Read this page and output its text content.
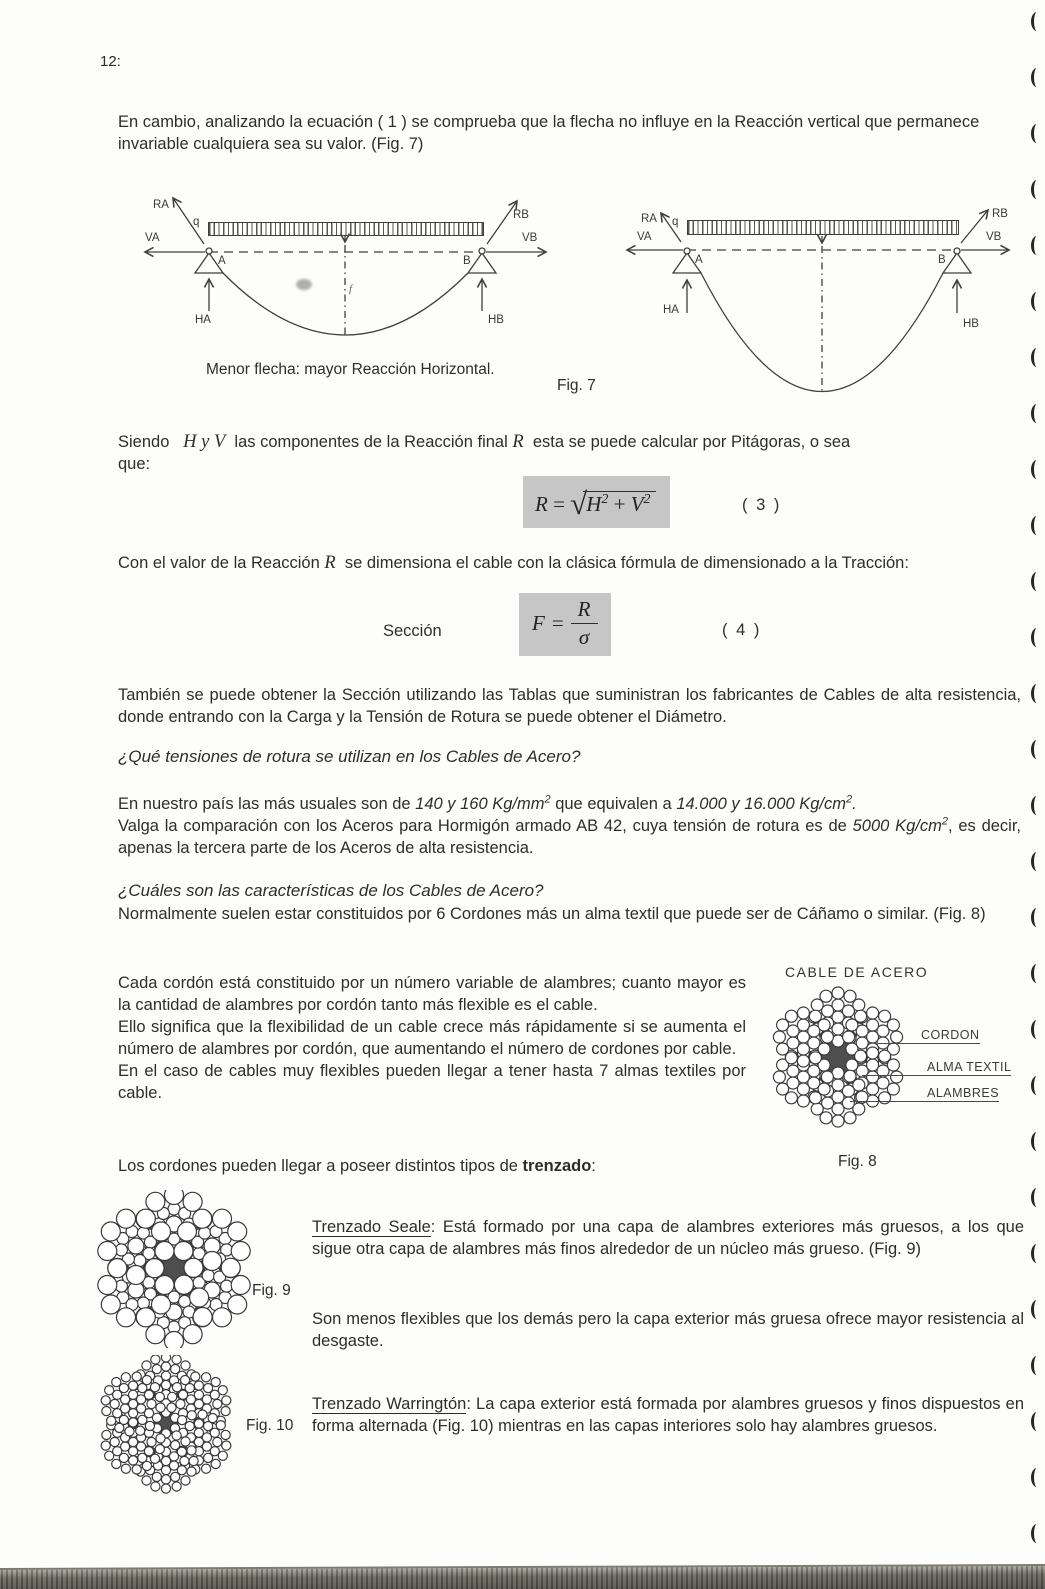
12:
En cambio, analizando la ecuación ( 1 ) se comprueba que la flecha no influye en la Reacción vertical que permanece invariable cualquiera sea su valor. (Fig. 7)
RA
q
VA
A	B
VB
RB
HA	HB
f
RA q
VA
A	B
VB
RB
HA
HB
Menor flecha: mayor Reacción Horizontal.
Fig. 7
Siendo H y V las componentes de la Reacción final R esta se puede calcular por Pitágoras, o sea
que:
$R = √H^2 + V^2$	( 3 )
Con el valor de la Reacción R se dimensiona el cable con la clásica fórmula de dimensionado a la Tracción:
Sección	$F = \frac{R}{\sigma}$	( 4 )
También se puede obtener la Sección utilizando las Tablas que suministran los fabricantes de Cables de alta resistencia, donde entrando con la Carga y la Tensión de Rotura se puede obtener el Diámetro.
¿Qué tensiones de rotura se utilizan en los Cables de Acero?
En nuestro país las más usuales son de 140 y 160 $Kg/mm^2$ que equivalen a 14.000 y 16.000 $Kg/cm^2$.
Valga la comparación con los Aceros para Hormigón armado AB 42, cuya tensión de rotura es de 5000 $Kg/cm^2$, es decir, apenas la tercera parte de los Aceros de alta resistencia.
¿Cuáles son las características de los Cables de Acero?
Normalmente suelen estar constituidos por 6 Cordones más un alma textil que puede ser de Cáñamo o similar. (Fig. 8)
Cada cordón está constituido por un número variable de alambres; cuanto mayor es la cantidad de alambres por cordón tanto más flexible es el cable.
Ello significa que la flexibilidad de un cable crece más rápidamente si se aumenta el número de alambres por cordón, que aumentando el número de cordones por cable.
En el caso de cables muy flexibles pueden llegar a tener hasta 7 almas textiles por cable.
CABLE DE ACERO
CORDON
ALMA TEXTIL
ALAMBRES
Fig. 8
Los cordones pueden llegar a poseer distintos tipos de trenzado:
Fig. 9
Trenzado Seale: Está formado por una capa de alambres exteriores más gruesos, a los que sigue otra capa de alambres más finos alrededor de un núcleo más grueso. (Fig. 9)
Son menos flexibles que los demás pero la capa exterior más gruesa ofrece mayor resistencia al desgaste.
Fig. 10
Trenzado Warringtón: La capa exterior está formada por alambres gruesos y finos dispuestos en forma alternada (Fig. 10) mientras en las capas interiores solo hay alambres gruesos.
